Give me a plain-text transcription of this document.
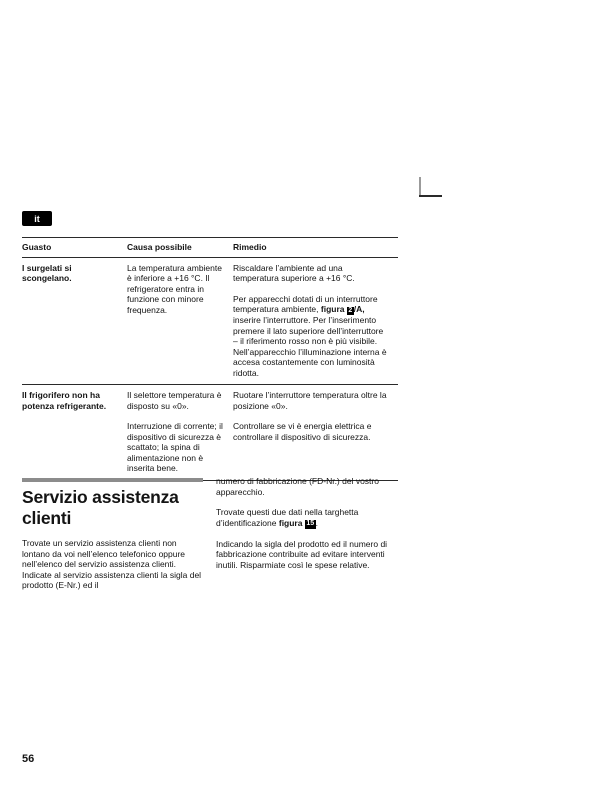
it
Guasto	Causa possibile	Rimedio

I surgelati si scongelano.

La temperatura ambiente è inferiore a +16 °C. Il refrigeratore entra in funzione con minore frequenza.

Riscaldare l’ambiente ad una temperatura superiore a +16 °C.

Per apparecchi dotati di un interruttore temperatura ambiente, figura 2 /A, inserire l’interruttore. Per l’inserimento premere il lato superiore dell’interruttore – il riferimento rosso non è più visibile. Nell’apparecchio l’illuminazione interna è accesa costantemente con luminosità ridotta.

Il frigorifero non ha potenza refrigerante.

Il selettore temperatura è disposto su «0».

Interruzione di corrente; il dispositivo di sicurezza è scattato; la spina di alimentazione non è inserita bene.

Ruotare l’interruttore temperatura oltre la posizione «0».

Controllare se vi è energia elettrica e controllare il dispositivo di sicurezza.

Servizio assistenza clienti

Trovate un servizio assistenza clienti non lontano da voi nell’elenco telefonico oppure nell’elenco del servizio assistenza clienti. Indicate al servizio assistenza clienti la sigla del prodotto (E-Nr.) ed il

numero di fabbricazione (FD-Nr.) del vostro apparecchio.

Trovate questi due dati nella targhetta d’identificazione figura 15 .

Indicando la sigla del prodotto ed il numero di fabbricazione contribuite ad evitare interventi inutili. Risparmiate così le spese relative.

56
